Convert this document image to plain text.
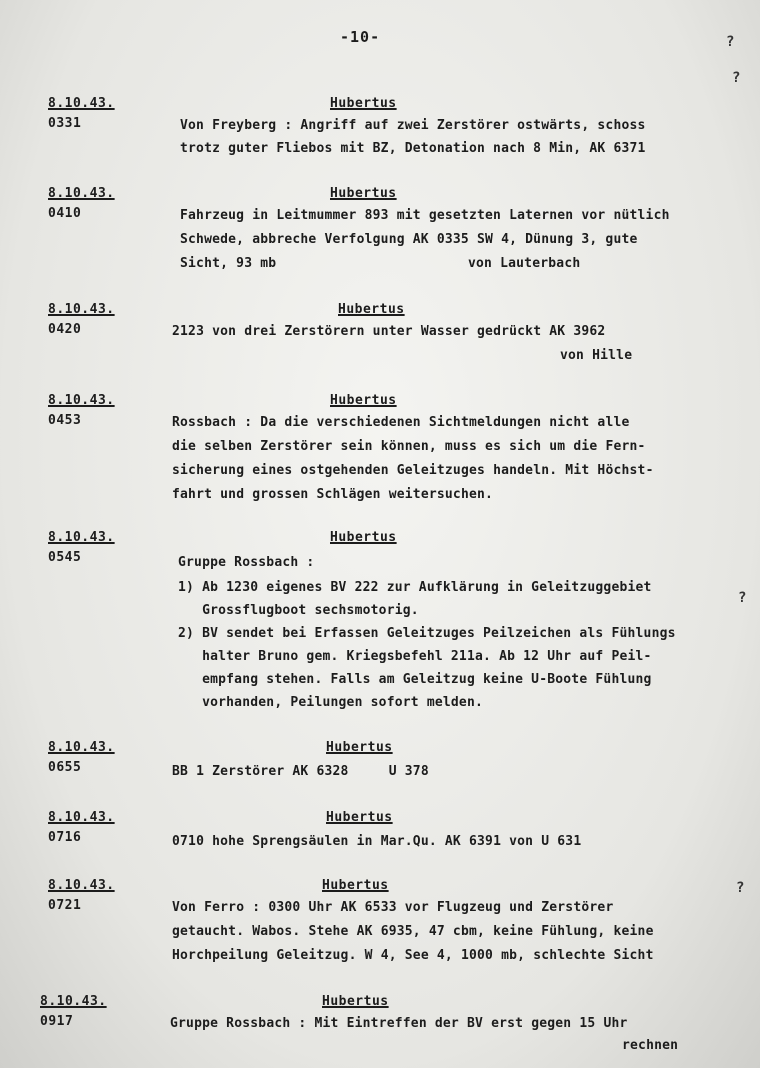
-10-
8.10.43.
0331
Hubertus
Von Freyberg : Angriff auf zwei Zerstörer ostwärts, schoss
trotz guter Fliebos mit BZ, Detonation nach 8 Min, AK 6371
8.10.43.
0410
Hubertus
Fahrzeug in Leitmummer 893 mit gesetzten Laternen vor nütlich
Schwede, abbreche Verfolgung AK 0335 SW 4, Dünung 3, gute
Sicht, 93 mb	von Lauterbach
8.10.43.
0420
Hubertus
2123 von drei Zerstörern unter Wasser gedrückt AK 3962
von Hille
8.10.43.
0453
Hubertus
Rossbach : Da die verschiedenen Sichtmeldungen nicht alle
die selben Zerstörer sein können, muss es sich um die Fern-
sicherung eines ostgehenden Geleitzuges handeln. Mit Höchst-
fahrt und grossen Schlägen weitersuchen.
8.10.43.
0545
Hubertus
Gruppe Rossbach :
1) Ab 1230 eigenes BV 222 zur Aufklärung in Geleitzuggebiet
Grossflugboot sechsmotorig.
2) BV sendet bei Erfassen Geleitzuges Peilzeichen als Fühlungs
halter Bruno gem. Kriegsbefehl 211a. Ab 12 Uhr auf Peil-
empfang stehen. Falls am Geleitzug keine U-Boote Fühlung
vorhanden, Peilungen sofort melden.
8.10.43.
0655
Hubertus
BB 1 Zerstörer AK 6328     U 378
8.10.43.
0716
Hubertus
0710 hohe Sprengsäulen in Mar.Qu. AK 6391 von U 631
8.10.43.
0721
Hubertus
Von Ferro : 0300 Uhr AK 6533 vor Flugzeug und Zerstörer
getaucht. Wabos. Stehe AK 6935, 47 cbm, keine Fühlung, keine
Horchpeilung Geleitzug. W 4, See 4, 1000 mb, schlechte Sicht
8.10.43.
0917
Hubertus
Gruppe Rossbach : Mit Eintreffen der BV erst gegen 15 Uhr
rechnen
?
?
?
?
